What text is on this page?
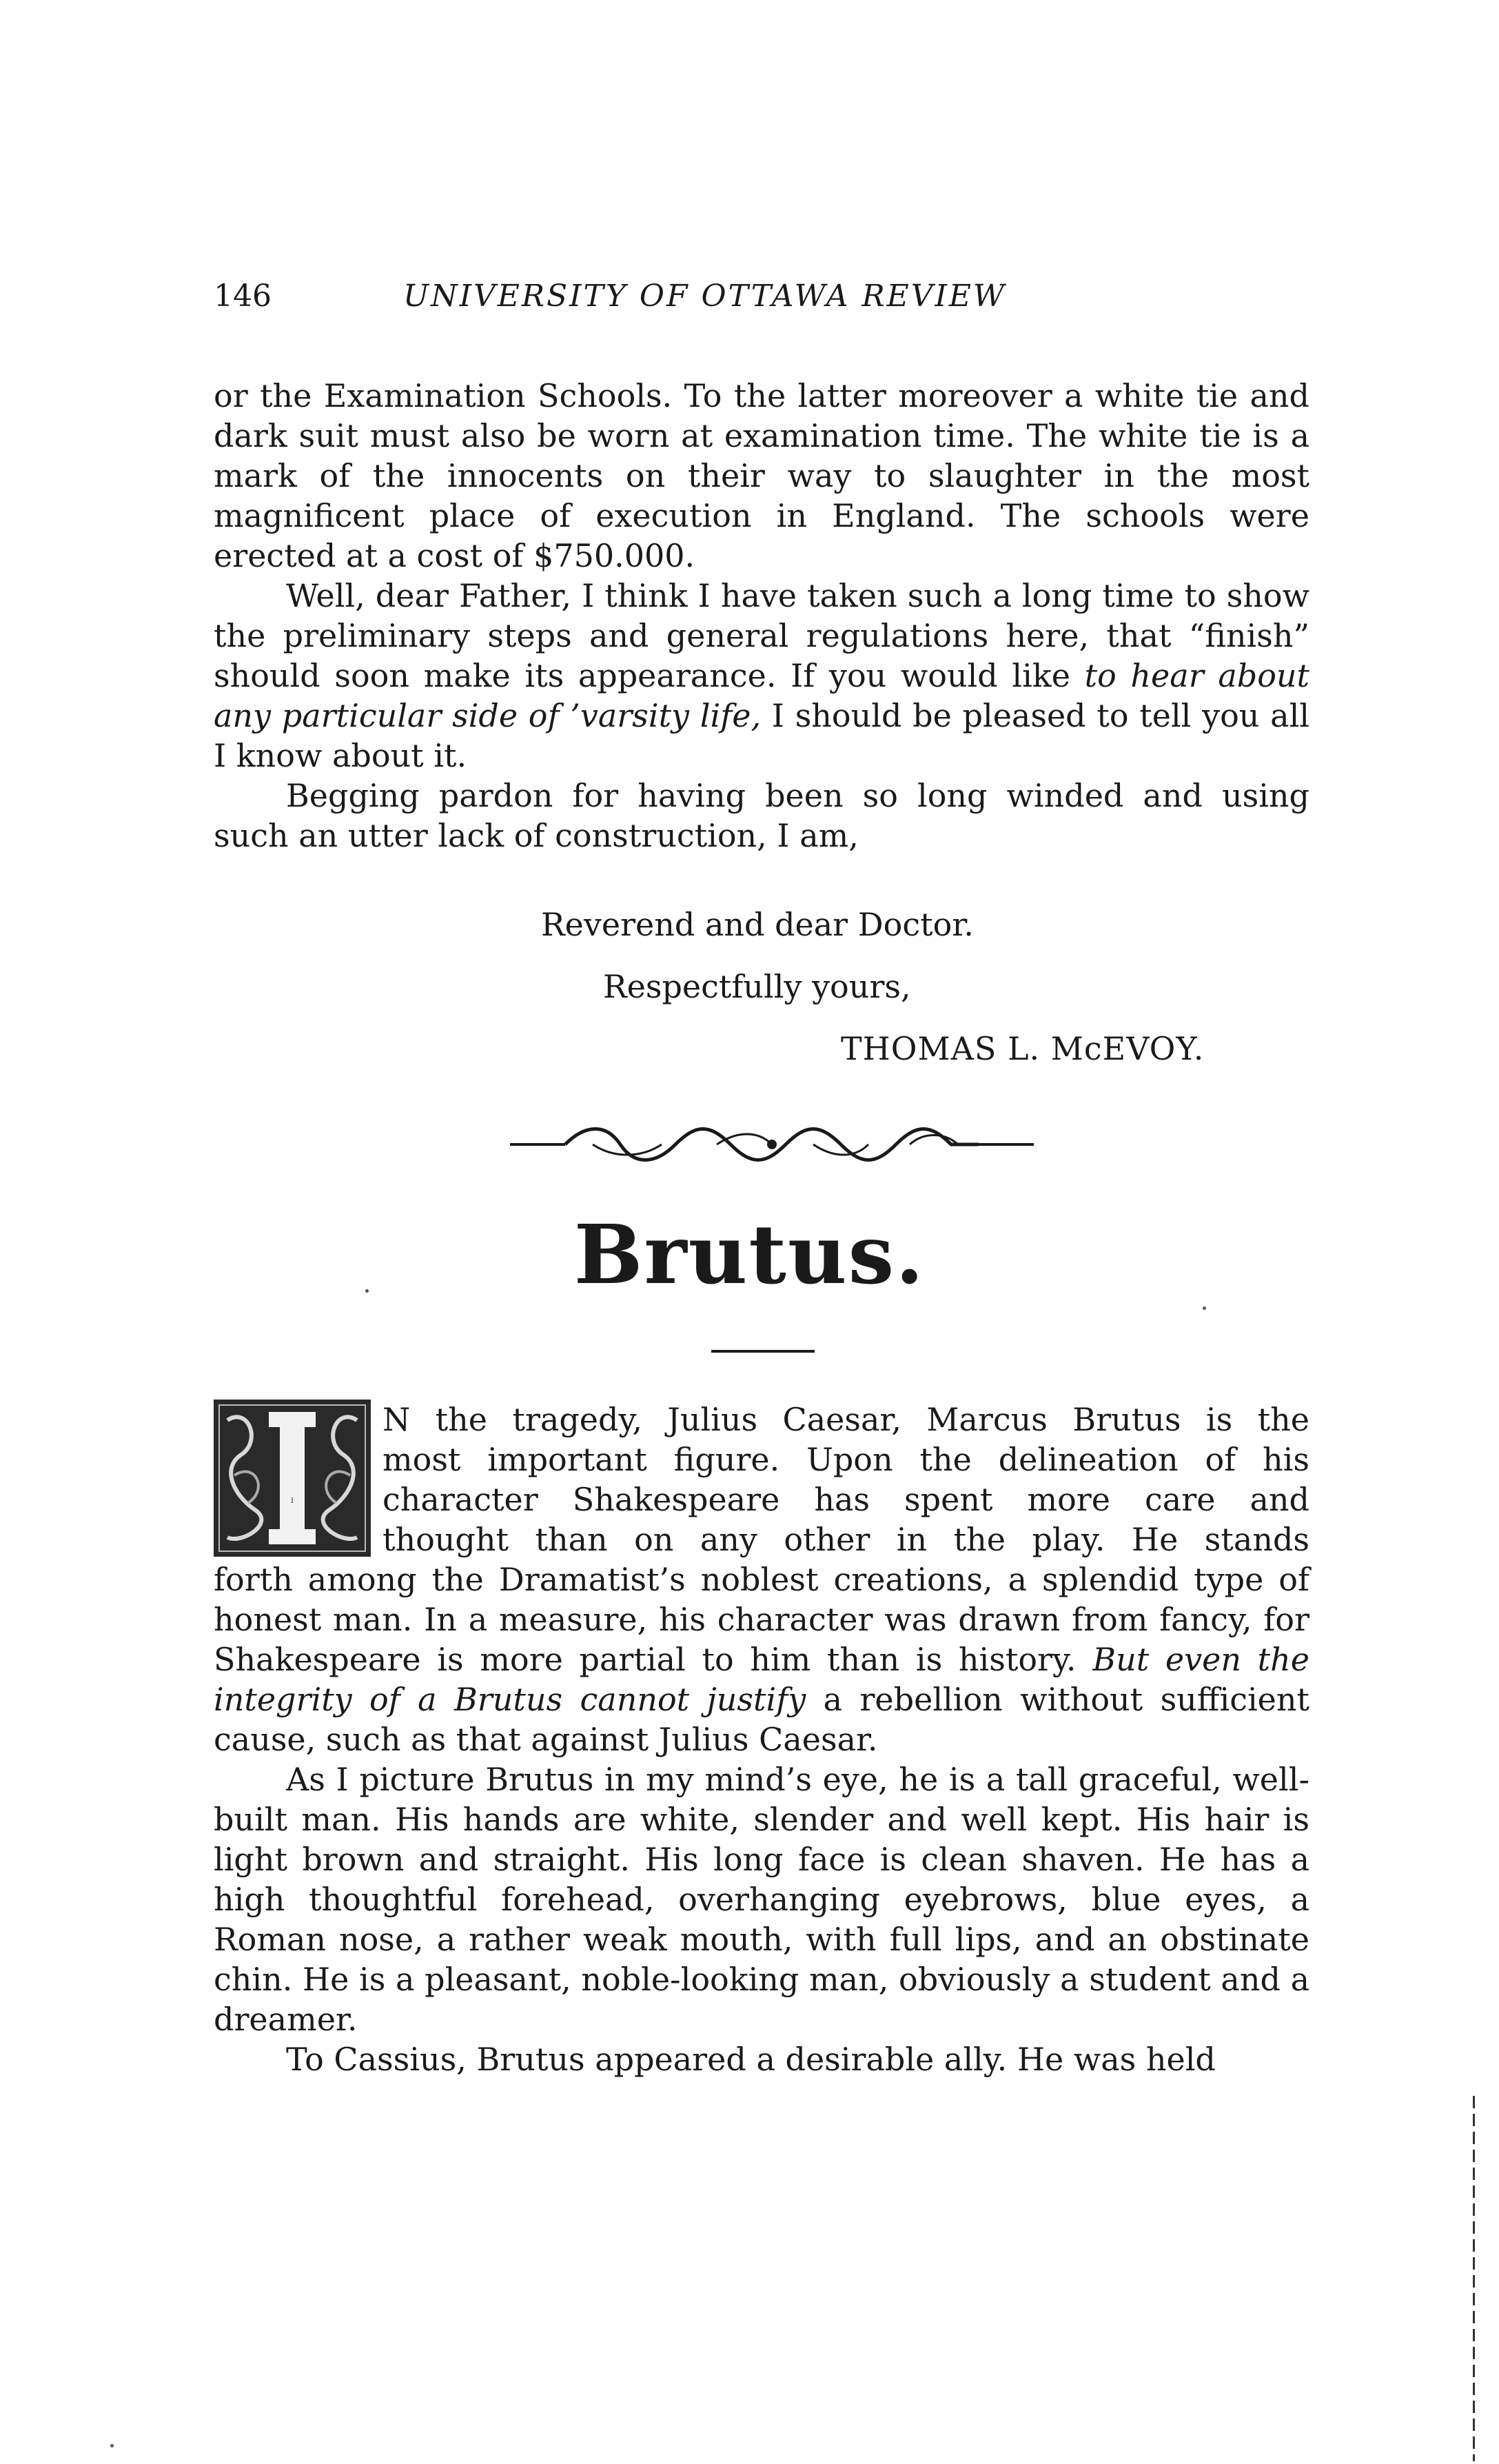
146	UNIVERSITY OF OTTAWA REVIEW

or the Examination Schools. To the latter moreover a white tie and dark suit must also be worn at examination time. The white tie is a mark of the innocents on their way to slaughter in the most magnificent place of execution in England. The schools were erected at a cost of $750.000.

Well, dear Father, I think I have taken such a long time to show the preliminary steps and general regulations here, that “finish” should soon make its appearance. If you would like to hear about any particular side of ’varsity life, I should be pleased to tell you all I know about it.

Begging pardon for having been so long winded and using such an utter lack of construction, I am,

Reverend and dear Doctor.
Respectfully yours,
THOMAS L. McEVOY.
Brutus.
I
N the tragedy, Julius Caesar, Marcus Brutus is the
most important figure. Upon the delineation of his
character Shakespeare has spent more care and
thought than on any other in the play. He stands

forth among the Dramatist’s noblest creations, a splendid type of honest man. In a measure, his character was drawn from fancy, for Shakespeare is more partial to him than is history. But even the integrity of a Brutus cannot justify a rebellion without sufficient cause, such as that against Julius Caesar.

As I picture Brutus in my mind’s eye, he is a tall graceful, well-built man. His hands are white, slender and well kept. His hair is light brown and straight. His long face is clean shaven. He has a high thoughtful forehead, overhanging eyebrows, blue eyes, a Roman nose, a rather weak mouth, with full lips, and an obstinate chin. He is a pleasant, noble-looking man, obviously a student and a dreamer.

To Cassius, Brutus appeared a desirable ally. He was held
